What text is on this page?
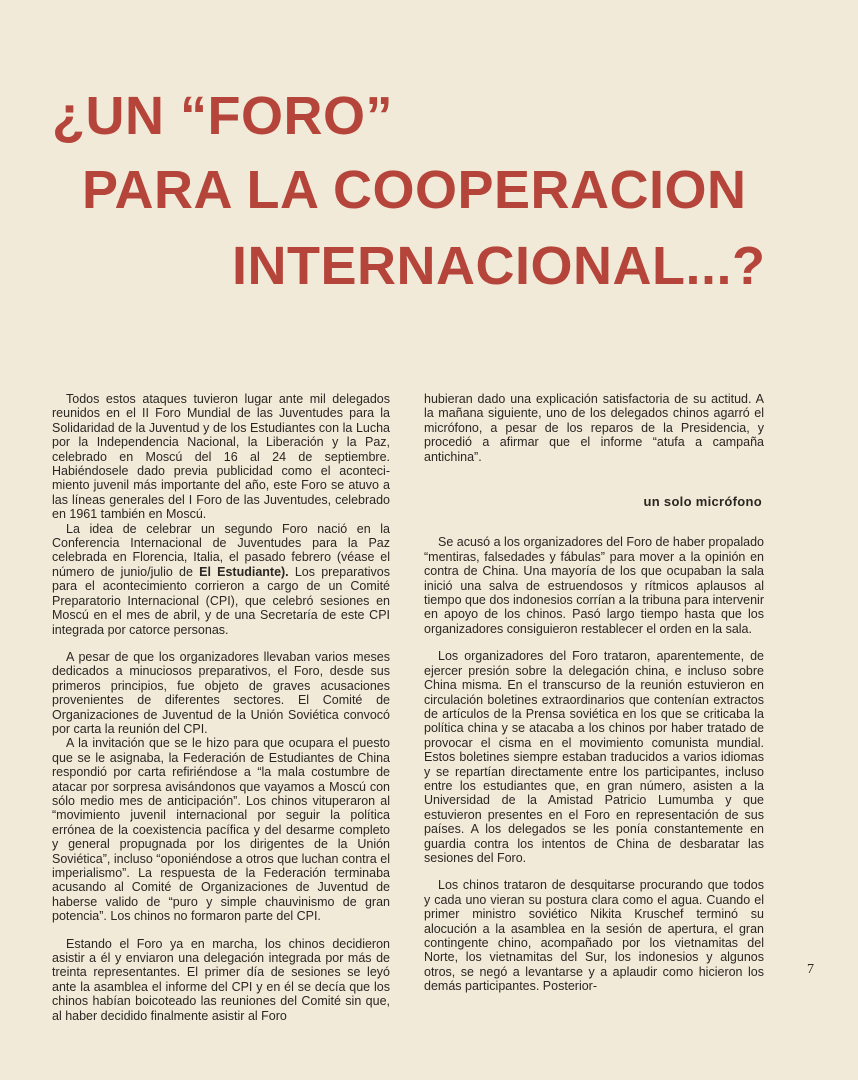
¿UN “FORO”
PARA LA COOPERACION
INTERNACIONAL...?

Todos estos ataques tuvieron lugar ante mil delegados reunidos en el II Foro Mundial de las Juventudes para la Solidaridad de la Juventud y de los Estudiantes con la Lucha por la Independencia Nacional, la Liberación y la Paz, celebrado en Moscú del 16 al 24 de septiembre. Habiéndosele dado previa publicidad como el acontecimiento juvenil más importante del año, este Foro se atuvo a las líneas generales del I Foro de las Juventudes, celebrado en 1961 también en Moscú.

La idea de celebrar un segundo Foro nació en la Conferencia Internacional de Juventudes para la Paz celebrada en Florencia, Italia, el pasado febrero (véase el número de junio/julio de El Estudiante). Los preparativos para el acontecimiento corrieron a cargo de un Comité Preparatorio Internacional (CPI), que celebró sesiones en Moscú en el mes de abril, y de una Secretaría de este CPI integrada por catorce personas.

A pesar de que los organizadores llevaban varios meses dedicados a minuciosos preparativos, el Foro, desde sus primeros principios, fue objeto de graves acusaciones provenientes de diferentes sectores. El Comité de Organizaciones de Juventud de la Unión Soviética convocó por carta la reunión del CPI.

A la invitación que se le hizo para que ocupara el puesto que se le asignaba, la Federación de Estudiantes de China respondió por carta refiriéndose a “la mala costumbre de atacar por sorpresa avisándonos que vayamos a Moscú con sólo medio mes de anticipación”. Los chinos vituperaron al “movimiento juvenil internacional por seguir la política errónea de la coexistencia pacífica y del desarme completo y general propugnada por los dirigentes de la Unión Soviética”, incluso “oponiéndose a otros que luchan contra el imperialismo”. La respuesta de la Federación terminaba acusando al Comité de Organizaciones de Juventud de haberse valido de “puro y simple chauvinismo de gran potencia”. Los chinos no formaron parte del CPI.

Estando el Foro ya en marcha, los chinos decidieron asistir a él y enviaron una delegación integrada por más de treinta representantes. El primer día de sesiones se leyó ante la asamblea el informe del CPI y en él se decía que los chinos habían boicoteado las reuniones del Comité sin que, al haber decidido finalmente asistir al Foro

hubieran dado una explicación satisfactoria de su actitud. A la mañana siguiente, uno de los delegados chinos agarró el micrófono, a pesar de los reparos de la Presidencia, y procedió a afirmar que el informe “atufa a campaña antichina”.

un solo micrófono

Se acusó a los organizadores del Foro de haber propalado “mentiras, falsedades y fábulas” para mover a la opinión en contra de China. Una mayoría de los que ocupaban la sala inició una salva de estruendosos y rítmicos aplausos al tiempo que dos indonesios corrían a la tribuna para intervenir en apoyo de los chinos. Pasó largo tiempo hasta que los organizadores consiguieron restablecer el orden en la sala.

Los organizadores del Foro trataron, aparentemente, de ejercer presión sobre la delegación china, e incluso sobre China misma. En el transcurso de la reunión estuvieron en circulación boletines extraordinarios que contenían extractos de artículos de la Prensa soviética en los que se criticaba la política china y se atacaba a los chinos por haber tratado de provocar el cisma en el movimiento comunista mundial. Estos boletines siempre estaban traducidos a varios idiomas y se repartían directamente entre los participantes, incluso entre los estudiantes que, en gran número, asisten a la Universidad de la Amistad Patricio Lumumba y que estuvieron presentes en el Foro en representación de sus países. A los delegados se les ponía constantemente en guardia contra los intentos de China de desbaratar las sesiones del Foro.

Los chinos trataron de desquitarse procurando que todos y cada uno vieran su postura clara como el agua. Cuando el primer ministro soviético Nikita Kruschef terminó su alocución a la asamblea en la sesión de apertura, el gran contingente chino, acompañado por los vietnamitas del Norte, los vietnamitas del Sur, los indonesios y algunos otros, se negó a levantarse y a aplaudir como hicieron los demás participantes. Posterior-

7
